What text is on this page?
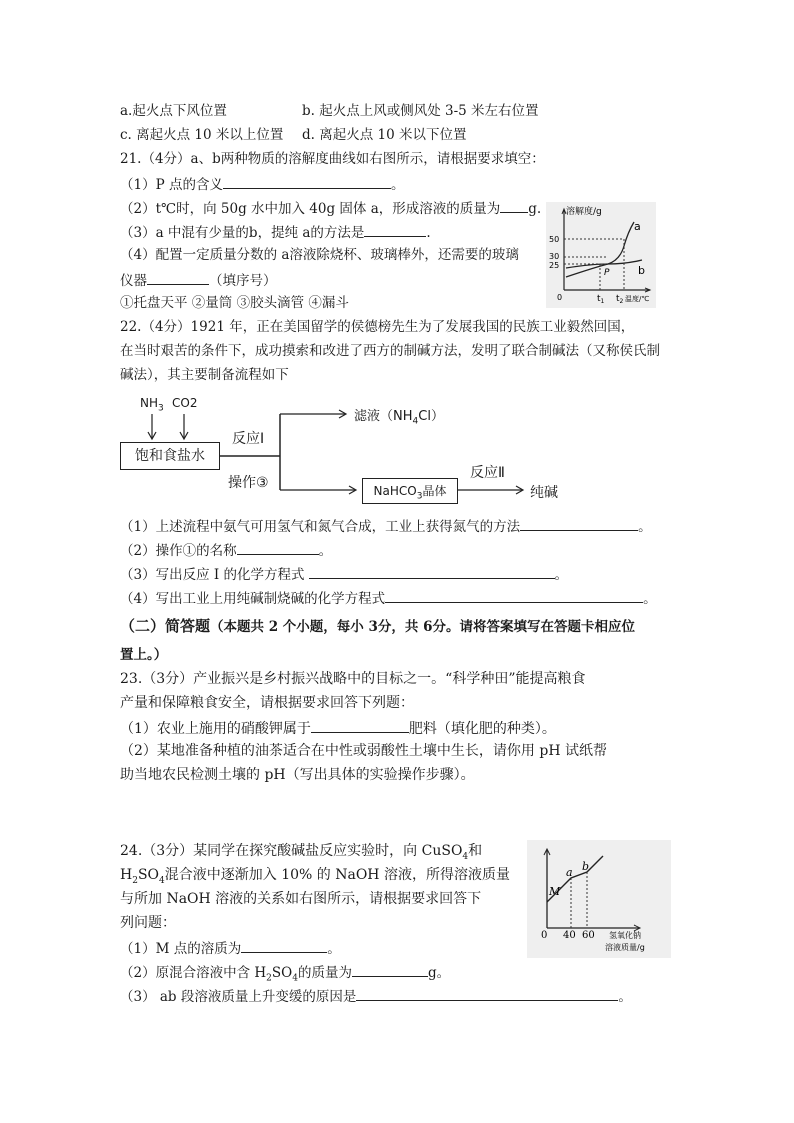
a.起火点下风位置	b. 起火点上风或侧风处 3-5 米左右位置
c. 离起火点 10 米以上位置 d. 离起火点 10 米以下位置
21.（4分）a、b两种物质的溶解度曲线如右图所示，请根据要求填空：
（1）P 点的含义	。
（2）t℃时，向 50g 水中加入 40g 固体 a，形成溶液的质量为 g.
（3）a 中混有少量的b，提纯 a的方法是	.
（4）配置一定质量分数的 a溶液除烧杯、玻璃棒外，还需要的玻璃
仪器	（填序号）
①托盘天平 ②量筒 ③胶头滴管 ④漏斗
溶解度/g
50
30
25
0	$t_1$ $t_2$ 温度/℃
a
b
P
22.（4分）1921 年，正在美国留学的侯德榜先生为了发展我国的民族工业毅然回国，
在当时艰苦的条件下，成功摸索和改进了西方的制碱方法，发明了联合制碱法（又称侯氏制
碱法），其主要制备流程如下
$NH_3$ CO2
饱和食盐水
反应Ⅰ
滤液$(NH_4Cl)$
操作③	NaHCO$_3$晶体
反应Ⅱ
纯碱
（1）上述流程中氨气可用氢气和氮气合成，工业上获得氮气的方法	。
（2）操作①的名称	。
（3）写出反应 I 的化学方程式	。
（4）写出工业上用纯碱制烧碱的化学方程式	。
（二）简答题（本题共 2 个小题，每小 3分，共 6分。请将答案填写在答题卡相应位
置上。）
23.（3分）产业振兴是乡村振兴战略中的目标之一。“科学种田”能提高粮食
产量和保障粮食安全，请根据要求回答下列题：
（1）农业上施用的硝酸钾属于	肥料（填化肥的种类）。
（2）某地准备种植的油茶适合在中性或弱酸性土壤中生长，请你用 pH 试纸帮
助当地农民检测土壤的 pH（写出具体的实验操作步骤）。
24.（3分）某同学在探究酸碱盐反应实验时，向 CuSO$_4$和
$H_2SO_4$混合液中逐渐加入 10% 的 NaOH 溶液，所得溶液质量
与所加 NaOH 溶液的关系如右图所示，请根据要求回答下
列问题：
（1）M 点的溶质为	。
（2）原混合溶液中含 $H_2SO_4$的质量为	g。
（3） ab 段溶液质量上升变缓的原因是	。
0 40 60 氢氧化钠
溶液质量/g
M
a b
